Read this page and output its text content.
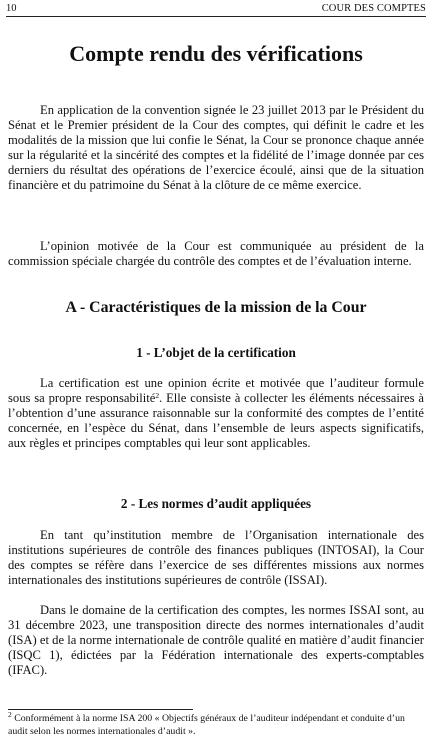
10	COUR DES COMPTES
Compte rendu des vérifications

En application de la convention signée le 23 juillet 2013 par le Président du Sénat et le Premier président de la Cour des comptes, qui définit le cadre et les modalités de la mission que lui confie le Sénat, la Cour se prononce chaque année sur la régularité et la sincérité des comptes et la fidélité de l’image donnée par ces derniers du résultat des opérations de l’exercice écoulé, ainsi que de la situation financière et du patrimoine du Sénat à la clôture de ce même exercice.

L’opinion motivée de la Cour est communiquée au président de la commission spéciale chargée du contrôle des comptes et de l’évaluation interne.

A - Caractéristiques de la mission de la Cour
1 - L’objet de la certification

La certification est une opinion écrite et motivée que l’auditeur formule sous sa propre responsabilité$^2$. Elle consiste à collecter les éléments nécessaires à l’obtention d’une assurance raisonnable sur la conformité des comptes de l’entité concernée, en l’espèce du Sénat, dans l’ensemble de leurs aspects significatifs, aux règles et principes comptables qui leur sont applicables.

2 - Les normes d’audit appliquées

En tant qu’institution membre de l’Organisation internationale des institutions supérieures de contrôle des finances publiques (INTOSAI), la Cour des comptes se réfère dans l’exercice de ses différentes missions aux normes internationales des institutions supérieures de contrôle (ISSAI).

Dans le domaine de la certification des comptes, les normes ISSAI sont, au 31 décembre 2023, une transposition directe des normes internationales d’audit (ISA) et de la norme internationale de contrôle qualité en matière d’audit financier (ISQC 1), édictées par la Fédération internationale des experts-comptables (IFAC).

$^2$ Conformément à la norme ISA 200 « Objectifs généraux de l’auditeur indépendant et conduite d’un audit selon les normes internationales d’audit ».
